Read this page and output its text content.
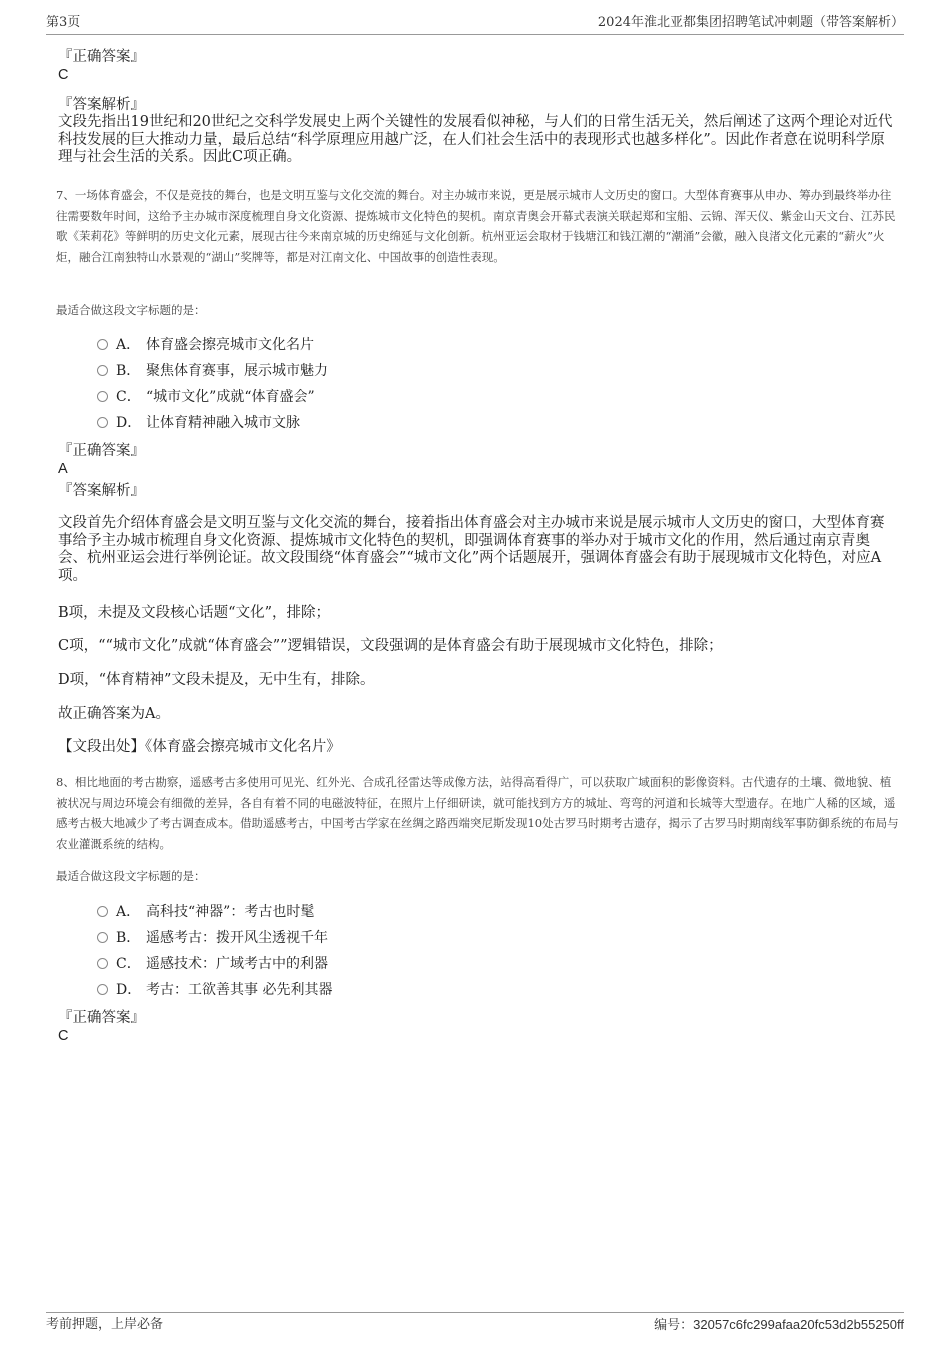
第3页	2024年淮北亚都集团招聘笔试冲刺题（带答案解析）
『正确答案』
C
『答案解析』
文段先指出19世纪和20世纪之交科学发展史上两个关键性的发展看似神秘，与人们的日常生活无关，然后阐述了这两个理论对近代科技发展的巨大推动力量，最后总结“科学原理应用越广泛，在人们社会生活中的表现形式也越多样化”。因此作者意在说明科学原理与社会生活的关系。因此C项正确。
7、一场体育盛会，不仅是竞技的舞台，也是文明互鉴与文化交流的舞台。对主办城市来说，更是展示城市人文历史的窗口。大型体育赛事从申办、筹办到最终举办往往需要数年时间，这给予主办城市深度梳理自身文化资源、提炼城市文化特色的契机。南京青奥会开幕式表演关联起郑和宝船、云锦、浑天仪、紫金山天文台、江苏民歌《茉莉花》等鲜明的历史文化元素，展现古往今来南京城的历史绵延与文化创新。杭州亚运会取材于钱塘江和钱江潮的“潮涌”会徽，融入良渚文化元素的“薪火”火炬，融合江南独特山水景观的“湖山”奖牌等，都是对江南文化、中国故事的创造性表现。
最适合做这段文字标题的是：
A． 体育盛会擦亮城市文化名片
B． 聚焦体育赛事，展示城市魅力
C． “城市文化”成就“体育盛会”
D． 让体育精神融入城市文脉
『正确答案』
A
『答案解析』
文段首先介绍体育盛会是文明互鉴与文化交流的舞台，接着指出体育盛会对主办城市来说是展示城市人文历史的窗口，大型体育赛事给予主办城市梳理自身文化资源、提炼城市文化特色的契机，即强调体育赛事的举办对于城市文化的作用，然后通过南京青奥会、杭州亚运会进行举例论证。故文段围绕“体育盛会”“城市文化”两个话题展开，强调体育盛会有助于展现城市文化特色，对应A项。
B项，未提及文段核心话题“文化”，排除；
C项，““城市文化”成就“体育盛会””逻辑错误，文段强调的是体育盛会有助于展现城市文化特色，排除；
D项，“体育精神”文段未提及，无中生有，排除。
故正确答案为A。
【文段出处】《体育盛会擦亮城市文化名片》
8、相比地面的考古勘察，遥感考古多使用可见光、红外光、合成孔径雷达等成像方法，站得高看得广，可以获取广域面积的影像资料。古代遗存的土壤、微地貌、植被状况与周边环境会有细微的差异，各自有着不同的电磁波特征，在照片上仔细研读，就可能找到方方的城址、弯弯的河道和长城等大型遗存。在地广人稀的区域，遥感考古极大地减少了考古调查成本。借助遥感考古，中国考古学家在丝绸之路西端突尼斯发现10处古罗马时期考古遗存，揭示了古罗马时期南线军事防御系统的布局与农业灌溉系统的结构。
最适合做这段文字标题的是：
A． 高科技“神器”：考古也时髦
B． 遥感考古：拨开风尘透视千年
C． 遥感技术：广域考古中的利器
D． 考古：工欲善其事 必先利其器
『正确答案』
C
考前押题，上岸必备	编号：32057c6fc299afaa20fc53d2b55250ff
